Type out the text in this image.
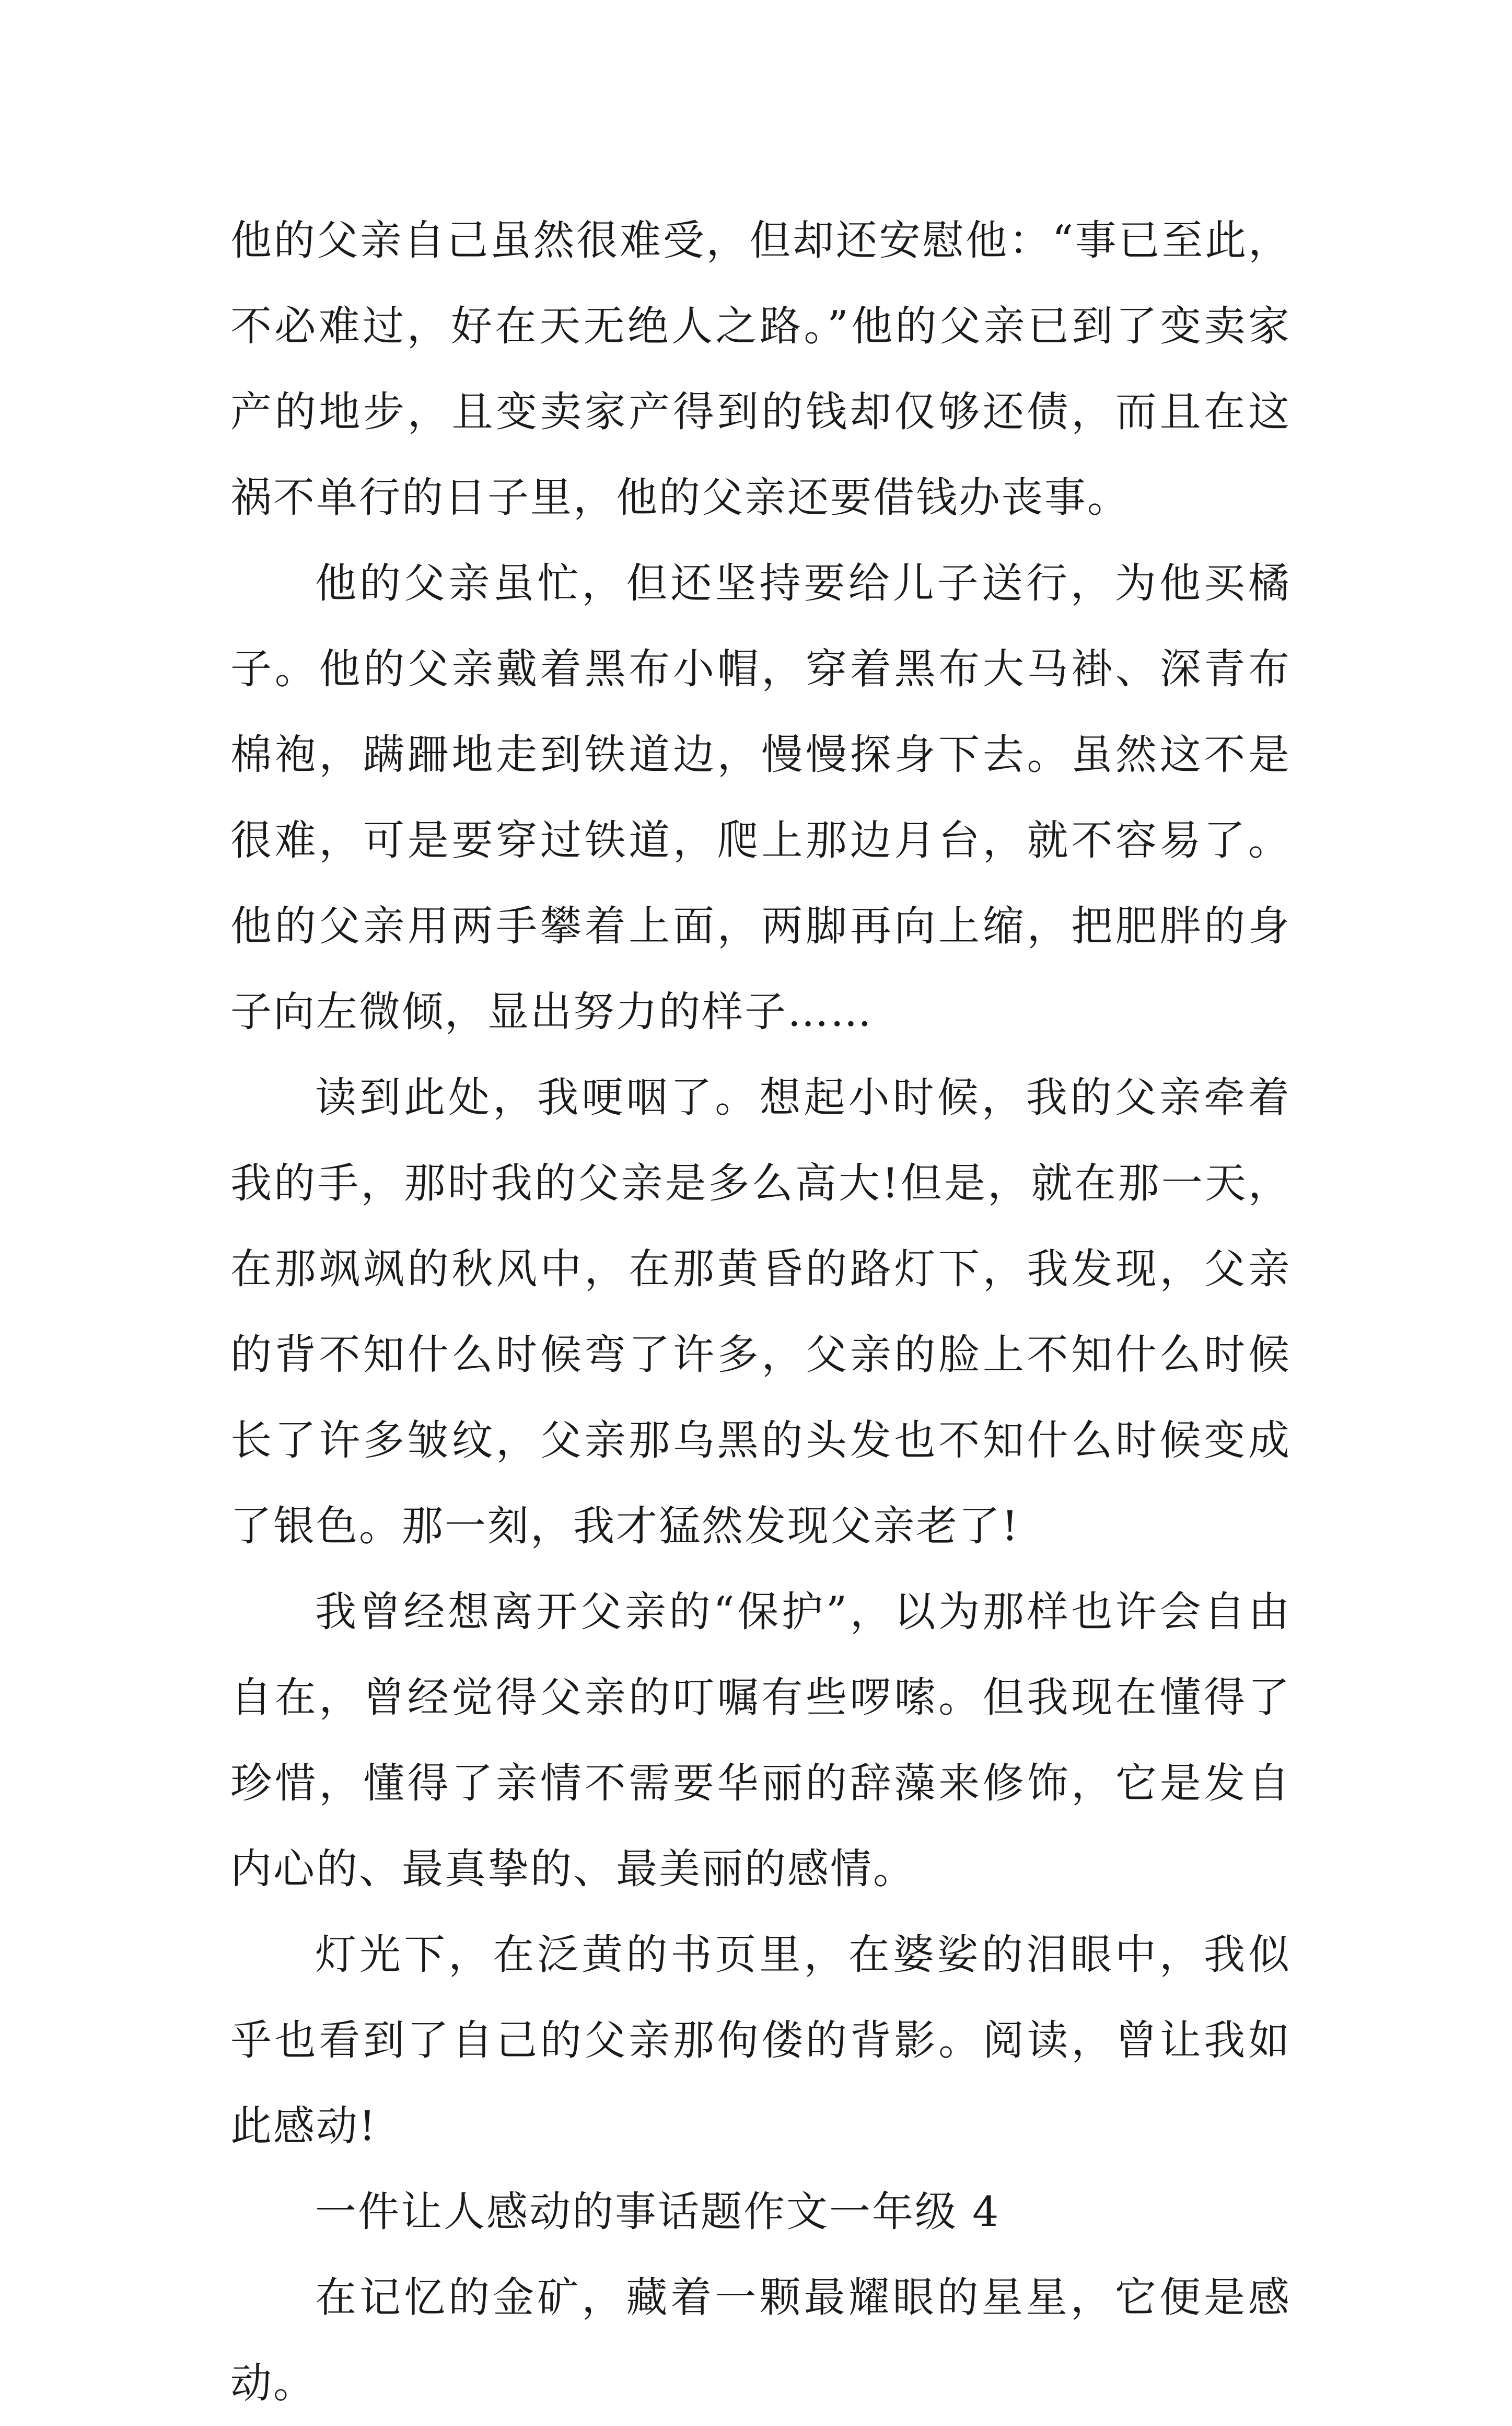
他的父亲自己虽然很难受，但却还安慰他：“事已至此，不必难过，好在天无绝人之路。”他的父亲已到了变卖家产的地步，且变卖家产得到的钱却仅够还债，而且在这祸不单行的日子里，他的父亲还要借钱办丧事。

他的父亲虽忙，但还坚持要给儿子送行，为他买橘子。他的父亲戴着黑布小帽，穿着黑布大马褂、深青布棉袍，蹒跚地走到铁道边，慢慢探身下去。虽然这不是很难，可是要穿过铁道，爬上那边月台，就不容易了。他的父亲用两手攀着上面，两脚再向上缩，把肥胖的身子向左微倾，显出努力的样子……

读到此处，我哽咽了。想起小时候，我的父亲牵着我的手，那时我的父亲是多么高大!但是，就在那一天，在那飒飒的秋风中，在那黄昏的路灯下，我发现，父亲的背不知什么时候弯了许多，父亲的脸上不知什么时候长了许多皱纹，父亲那乌黑的头发也不知什么时候变成了银色。那一刻，我才猛然发现父亲老了!

我曾经想离开父亲的“保护”，以为那样也许会自由自在，曾经觉得父亲的叮嘱有些啰嗦。但我现在懂得了珍惜，懂得了亲情不需要华丽的辞藻来修饰，它是发自内心的、最真挚的、最美丽的感情。

灯光下，在泛黄的书页里，在婆娑的泪眼中，我似乎也看到了自己的父亲那佝偻的背影。阅读，曾让我如此感动!

一件让人感动的事话题作文一年级 4

在记忆的金矿，藏着一颗最耀眼的星星，它便是感动。
